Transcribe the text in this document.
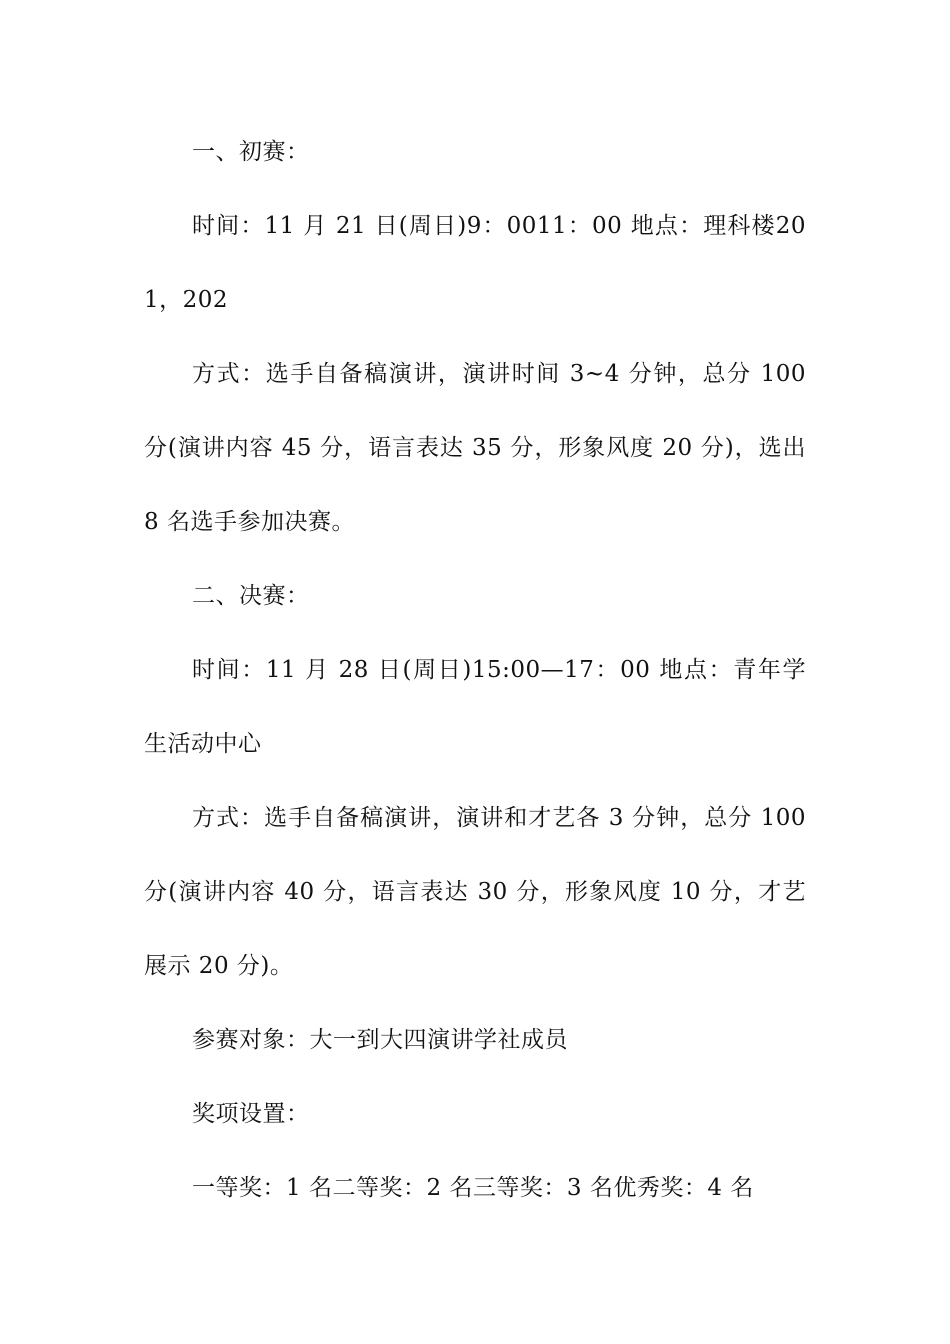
一、初赛：

时间：11 月 21 日(周日)9：0011：00 地点：理科楼201，202

方式：选手自备稿演讲，演讲时间 3~4 分钟，总分 100 分(演讲内容 45 分，语言表达 35 分，形象风度 20 分)，选出 8 名选手参加决赛。

二、决赛：

时间：11 月 28 日(周日)15:00—17：00 地点：青年学生活动中心

方式：选手自备稿演讲，演讲和才艺各 3 分钟，总分 100 分(演讲内容 40 分，语言表达 30 分，形象风度 10 分，才艺展示 20 分)。

参赛对象：大一到大四演讲学社成员

奖项设置：

一等奖：1 名二等奖：2 名三等奖：3 名优秀奖：4 名
